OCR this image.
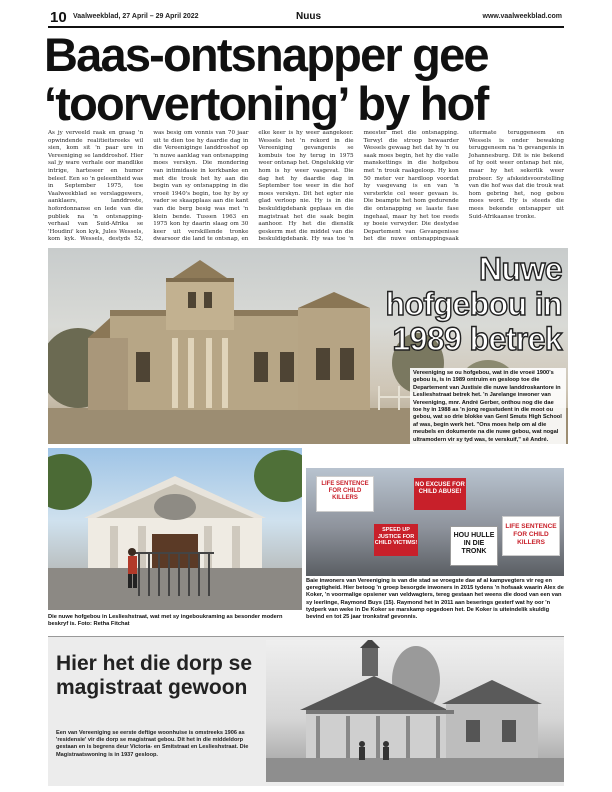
10 Vaalweekblad, 27 April – 29 April 2022	Nuus	www.vaalweekblad.com
Baas-ontsnapper gee
‘toorvertoning’ by hof
As jy verveeld raak en graag 'n opwindende realitieitsreeks wil sien, kom sit 'n paar ure in Vereeniging se landdroshof. Hier sal jy ware verhale oor mandlike intrige, harteseer en humor beleef. Een so 'n geleentheid was in September 1975, toe Vaalweekblad se verslaggewers, aanklaers, landdroste, hofordonnanse en lede van die publiek na 'n ontsnapping-verhaal van Suid-Afrika se 'Houdini' kon kyk, Jules Wessels, kom kyk. Wessels, destyds 52, was besig om vonnis van 70 jaar uit te dien toe hy daardie dag in die Vereeniginge landdroshof op 'n nuwe aanklag van ontsnapping moes verskyn. Die mondering van intimidasie in kerkbanke en met die trouk het hy aan die begin van sy ontsnapping in die vroeë 1940's begin, toe hy by sy vader se skaapplaas aan die kant van die berg besig was met 'n klein bende. Tussen 1963 en 1975 kon hy daarin slaag om 30 keer uit verskillende tronke dwarsoor die land te ontsnap, en elke keer is hy weer aangekeer. Wessels het 'n rekord in die Vereeniging gevangenis se kombuis toe hy terug in 1975 weer ontsnap het. Ongelukkig vir hom is hy weer vasgevat. Die dag het hy daardie dag in September toe weer in die hof moes verskyn. Dit het egter nie glad verloop nie. Hy is in die beskuldigdebank geplaas en die magistraat het die saak begin aanhoor. Hy het die dienslik geskerm met die middel van die beskuldigdebank. Hy was toe 'n meester met die ontsnapping. Terwyl die stroop bewaarder Wessels gewaag het dat hy 'n ou saak moes begin, het hy die valle manskettings in die hofgebou met 'n trouk raakgeloop. Hy kon 50 meter ver hardloop voordat hy vasgevang is en van 'n versterkte cel weer gevaan is. Die beampte het hom gedurende die ontsnapping se laaste fase ingehaal, maar hy het toe reeds sy boeie verwyder. Die destydse Departement van Gevangenisse het die nuwe ontsnappingsaak uitermate teruggeneem en Wessels is onder bewaking teruggeneem na 'n gevangenis in Johannesburg. Dit is nie bekend of hy ooit weer ontsnap het nie, maar hy het sekerlik weer probeer. Sy afskeidsvoorstelling van die hof was dat die trouk wat hom gebring het, nog gebou moes word. Hy is steeds die mees bekende ontsnapper uit Suid-Afrikaanse tronke.
Nuwe
hofgebou in
1989 betrek
Vereeniging se ou hofgebou, wat in die vroeë 1900's gebou is, is in 1989 ontruim en gesloop toe die Departement van Justisie die nuwe landdroskantore in Leslieshstraat betrek het. 'n Jarelange inwoner van Vereeniging, mnr. André Gerber, onthou nog die dae toe hy in 1988 as 'n jong regsstudent in die moot ou gebou, wat so drie blokke van Genl Smuts High School af was, begin werk het. "Ons moes help om al die meubels en dokumente na die nuwe gebou, wat nogal ultramodern vir sy tyd was, te verskuif," sê André.
Die nuwe hofgebou in Leslieshstraat, wat met sy ingeboukraming as besonder modern beskryf is. Foto: Retha Fitchat
LIFE SENTENCE FOR CHILD KILLERS
NO EXCUSE FOR CHILD ABUSE!
SPEED UP JUSTICE FOR CHILD VICTIMS!
HOU HULLE IN DIE TRONK
LIFE SENTENCE FOR CHILD KILLERS
Baie inwoners van Vereeniging is van die stad se vroegste dae af al kampvegters vir reg en geregtigheid. Hier betoog 'n groep besorgde inwoners in 2015 tydens 'n hofsaak waarin Alex de Koker, 'n voormalige opsiener van veldwagters, tereg gestaan het weens die dood van een van sy leerlinge, Raymond Buys (15). Raymond het in 2011 aan beserings gesterf wat hy oor 'n tydperk van weke in De Koker se marskamp opgedoen het. De Koker is uiteindelik skuldig bevind en tot 25 jaar tronkstraf gevonnis.
Hier het die dorp se magistraat gewoon
Een van Vereeniging se eerste deftige woonhuise is omstreeks 1906 as 'residensie' vir die dorp se magistraat gebou. Dit het in die middeldorp gestaan en is begrens deur Victoria- en Smitstraat en Leslieshstraat. Die Magistraatswoning is in 1937 gesloop.
